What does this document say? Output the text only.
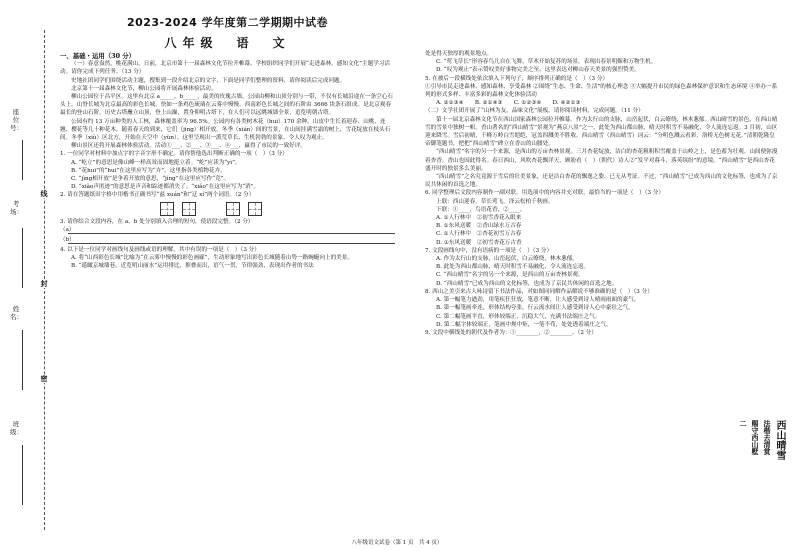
座位号：
考场：
姓名：
班级：
线
封
密
2023-2024 学年度第二学期期中试卷
八年级　语　文

一、基础・运用（30 分）

（一）春意盎然，桃花满山。日前，北京市第十一届森林文化节拉开帷幕。学校组织同学们开展“走进森林，感知文化”主题学习活动。请你完成下列任务。（13 分）

史地社团同学们围绕活动主题，搜集到一段介绍北京的文字，下面是同学们整理的资料，请你阅读后完成问题。

北京第十一届森林文化节，柳山公园将开展森林体验活动。

柳山公园位于昌平区。这里有北京 a_____，b_____，最美的玫瑰古墙。公园由柳和山顶分别与一带，不仅有长城沿途在一条空心石头上。山脊长城为北京最高的彩色长城。快如一条鸡色琉璃在云雾中慢慢。西南彩色长城之间的石阶由 3666 块条石组成。是北京观春最长的登山石阶。历史古塔矗立山顶，登上山巅，置身仰明古塔下，在人们可以远眺城墙全景，追览明朝古塔。

公园有约 13 万亩种类的人工林，森林覆盖率为 96.5%。公园内有各类树木花（hui）170 余种。山皮中生长着迎春、山桃、连翘、樱花等几十种花木。随着春天的到来，它们（jing）相开放。冬季（xián）间的雪景，在山间挂满雪霜的树上，雪花绽放在枝头石间。冬季（xiù）区北方，开始在天空中（yùn）。这里呈现出一派荒草长、生机勃勃的景象，令人叹为观止。

柳山景区还将开展森林体验活动。活动①___、②___、③___、④___，赢得了市民的一致好评。

1. 一位同学对材料中加点字的字音字形不确定。请你帮他选出判断正确的一项（　）（3 分）

A. “屹立”的意思是像山峰一样高耸而固地挺立着。“屹”应读为“yì”。

B. “花hui”的“hui”在这里应写为“卉”，这里指各类植物花卉。

C. “jìng相开放”是争着开放的意思，“jìng”在这里应写作“竞”。

D. “xiǎo声匿迹”的意思是声音和踪迹都消失了。“xiǎo”在这里应写为“消”。

2. 请在答题纸田字格中用楷书正确书写“兹 xuán”和“迂 xí”两个词语。（2 分）

3. 请你结合文段内容，在 a、b 处分别填入合理的短句，使语段完整。（2 分）

（a）
（b）

4. 以下是一位同学对画线句及画线或语的理解。其中有误的一项是（　）（3 分）

A. 将“山西彩色长城”比喻为“在云雾中慢慢的彩色画廊”，生动形象地写出彩色长城随着山势一路蜿蜒向上的美景。

B. “遥瞰京城墙巷，近览明山丽水”运用排比，推叠而出，语气一贯，节律强劲，表现出作者的书法

处是得天独厚的观景地点。

C. “莺飞草长”形容春鸟儿自在飞舞，草木开始复苏的场景，表现出春景明媚和万物生机。

D. “叹为观止”表示赞叹美好事物完美之至。这里表达对柳山春天美景的强烈赞美。

5. 在被后一段横线处依次填入下列句子，顺序排列正确的是（　）（3 分）

①引导市民走进森林、感知森林、享受森林 ②围绕“生态、生命、生活”的核心理念 ③大幅提升市民的绿色森林保护意识和生态环境 ④举办一系列的形式多样、丰富多彩的森林文化体验活动

A. ②①③④　　B. ②①④③　　C. ①②③④　　D. ④②①③

（二）文学社团开展了“山林为友，品味文化”展板。请你阅读材料，完成问题。（11 分）

第十一届北京森林文化节在西山国家森林公园拉开帷幕。作为太行山的支脉，山峦起伏，白云缭绕，林木葱郁。西山晴雪的景色，在西山晴雪的雪景中独树一帜。香山著名的“西山晴雪”景观为“燕京八景”之一，此处为西山都山脉，晴天时积雪不易融化，令人流连忘返。3 月初，山区迎来降雪。雪后初晴，千峰万岭白雪皑皑，冠盖四溅美不胜收。西山晴雪（西山晴雪）词云：“分明色溅云看彩，洛桥无色树无花。”清朝乾隆皇帝御笔题书，把把“西山晴雪”碑立在香山的山腰处。

“西山晴雪”名字的另一个来源，是西山的万亩杏林景观。三月杏花绽放，洁白的杏花粗粗积雪覆盖于山岭之上，是色蓄为壮观。山间便弥漫着杏香。香山也因此得名。春日西山，风吹杏花飘洋天，顾盼看（　）（朝代）诗人②“发平对暮斗，落英缤纷”的意境。“西山晴雪”是西山杏花盛开时的独景多么美丽。

“西山晴雪”之名究竟源于雪后的壮美景象，还是洁白杏花的飘逸之姿，已无从考证。不过，“西山晴雪”已成为西山的文化标签，也成为了京民共休闲的首选之地。

6. 同学整理后文段内容制作一副对联。用选项中的内容并充对联，最恰当的一项是（　）（3 分）

上联：西山迎春，草长莺飞，泽云松柏千秋画。

下联：①____，鸟语花香，②____。

A. ①人行林中　②初雪香花入眼来

B. ①东风送暖　②香山绿水万古春

C. ①人行林中　②杏花初雪万古春

D. ①东风送暖　②初雪杏花万古香

7. 文段画线句中，没有语病的一项是（　）（3 分）

A. 作为太行山的支脉，山峦起伏，白云缭绕，林木葱郁。

B. 此处为西山都山脉，晴天时积雪不易融化，令人流连忘返。

C. “西山晴雪”名字的另一个来源，是西山的万亩杏林景观。

D. “西山晴雪”已成为西山的文化标签，也成为了京民共休闲的首选之地。

8. 西山之美引来古人咏诗留下书法作品，对如图同同解作品解说不够准确的是（　）（3 分）

A. 第一幅笔力遒劲，用笔疾狂狂放，笔意不断，让人感受到诗人晴雨雨面的豪气。

B. 第一幅笔画牵连，形体结构夸张，行云流水间让人感受到诗人心中豪壮之气。

C. 第二幅笔画平直，形体较端正，沉稳大气，充满书法端庄之气。

D. 第二幅字体较端正，笔画中规中矩，一笔不苟，处处透着端庄之气。

9. 文段中横线处的朝代及作者为：①________，②________。（2 分）

西山晴雪
法楷去清赏
赐守西山墅
二
八年级语文试卷（第 1 页　共 4 页）
